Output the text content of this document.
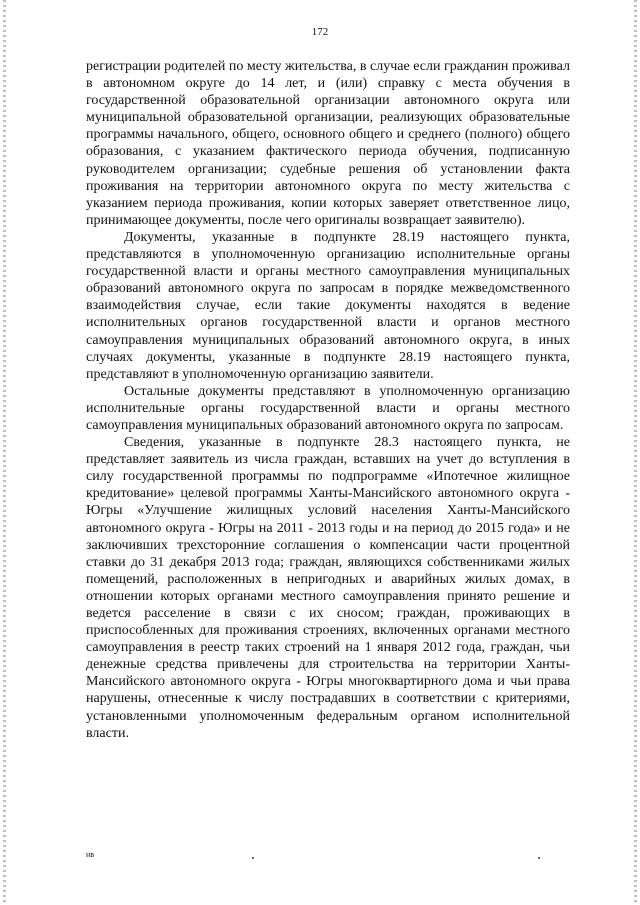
172

регистрации родителей по месту жительства, в случае если гражданин проживал в автономном округе до 14 лет, и (или) справку с места обучения в государственной образовательной организации автономного округа или муниципальной образовательной организации, реализующих образовательные программы начального, общего, основного общего и среднего (полного) общего образования, с указанием фактического периода обучения, подписанную руководителем организации; судебные решения об установлении факта проживания на территории автономного округа по месту жительства с указанием периода проживания, копии которых заверяет ответственное лицо, принимающее документы, после чего оригиналы возвращает заявителю).

Документы, указанные в подпункте 28.19 настоящего пункта, представляются в уполномоченную организацию исполнительные органы государственной власти и органы местного самоуправления муниципальных образований автономного округа по запросам в порядке межведомственного взаимодействия случае, если такие документы находятся в ведение исполнительных органов государственной власти и органов местного самоуправления муниципальных образований автономного округа, в иных случаях документы, указанные в подпункте 28.19 настоящего пункта, представляют в уполномоченную организацию заявители.

Остальные документы представляют в уполномоченную организацию исполнительные органы государственной власти и органы местного самоуправления муниципальных образований автономного округа по запросам.

Сведения, указанные в подпункте 28.3 настоящего пункта, не представляет заявитель из числа граждан, вставших на учет до вступления в силу государственной программы по подпрограмме «Ипотечное жилищное кредитование» целевой программы Ханты-Мансийского автономного округа - Югры «Улучшение жилищных условий населения Ханты-Мансийского автономного округа - Югры на 2011 - 2013 годы и на период до 2015 года» и не заключивших трехсторонние соглашения о компенсации части процентной ставки до 31 декабря 2013 года; граждан, являющихся собственниками жилых помещений, расположенных в непригодных и аварийных жилых домах, в отношении которых органами местного самоуправления принято решение и ведется расселение в связи с их сносом; граждан, проживающих в приспособленных для проживания строениях, включенных органами местного самоуправления в реестр таких строений на 1 января 2012 года, граждан, чьи денежные средства привлечены для строительства на территории Ханты-Мансийского автономного округа - Югры многоквартирного дома и чьи права нарушены, отнесенные к числу пострадавших в соответствии с критериями, установленными уполномоченным федеральным органом исполнительной власти.

нв
